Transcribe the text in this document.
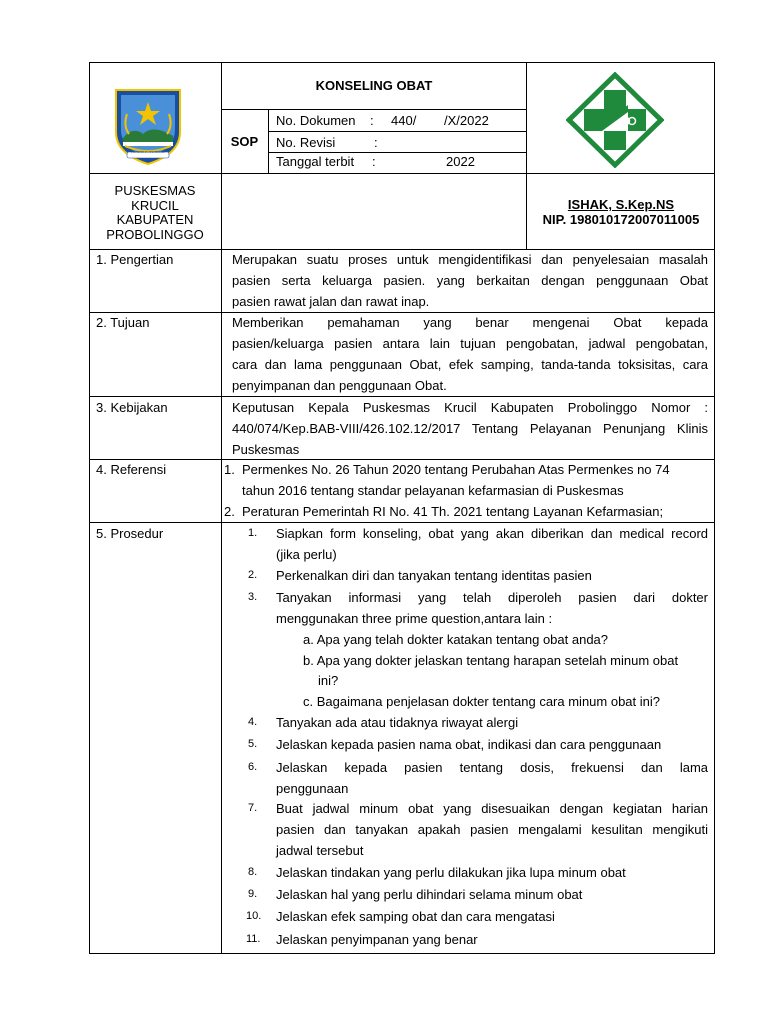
PRASADHA JINARAKSA
KONSELING OBAT
SOP
No. Dokumen : 440/ /X/2022
No. Revisi	:
Tanggal terbit :	2022
PUSKESMAS
KRUCIL
KABUPATEN
PROBOLINGGO
ISHAK, S.Kep.NS
NIP. 198010172007011005
1. Pengertian	Merupakan suatu proses untuk mengidentifikasi dan penyelesaian masalah
pasien serta keluarga pasien. yang berkaitan dengan penggunaan Obat
pasien rawat jalan dan rawat inap.
2. Tujuan	Memberikan pemahaman yang benar mengenai Obat kepada
pasien/keluarga pasien antara lain tujuan pengobatan, jadwal pengobatan,
cara dan lama penggunaan Obat, efek samping, tanda-tanda toksisitas, cara
penyimpanan dan penggunaan Obat.
3. Kebijakan	Keputusan Kepala Puskesmas Krucil Kabupaten Probolinggo Nomor :
440/074/Kep.BAB-VIII/426.102.12/2017 Tentang Pelayanan Penunjang Klinis
Puskesmas
4. Referensi	1. Permenkes No. 26 Tahun 2020 tentang Perubahan Atas Permenkes no 74
tahun 2016 tentang standar pelayanan kefarmasian di Puskesmas
2. Peraturan Pemerintah RI No. 41 Th. 2021 tentang Layanan Kefarmasian;
5. Prosedur	1. Siapkan form konseling, obat yang akan diberikan dan medical record
(jika perlu)
2. Perkenalkan diri dan tanyakan tentang identitas pasien
3. Tanyakan informasi yang telah diperoleh pasien dari dokter
menggunakan three prime question,antara lain :
a. Apa yang telah dokter katakan tentang obat anda?
b. Apa yang dokter jelaskan tentang harapan setelah minum obat
ini?
c. Bagaimana penjelasan dokter tentang cara minum obat ini?
4. Tanyakan ada atau tidaknya riwayat alergi
5. Jelaskan kepada pasien nama obat, indikasi dan cara penggunaan
6. Jelaskan kepada pasien tentang dosis, frekuensi dan lama
penggunaan
7. Buat jadwal minum obat yang disesuaikan dengan kegiatan harian
pasien dan tanyakan apakah pasien mengalami kesulitan mengikuti
jadwal tersebut
8. Jelaskan tindakan yang perlu dilakukan jika lupa minum obat
9. Jelaskan hal yang perlu dihindari selama minum obat
10. Jelaskan efek samping obat dan cara mengatasi
11. Jelaskan penyimpanan yang benar
